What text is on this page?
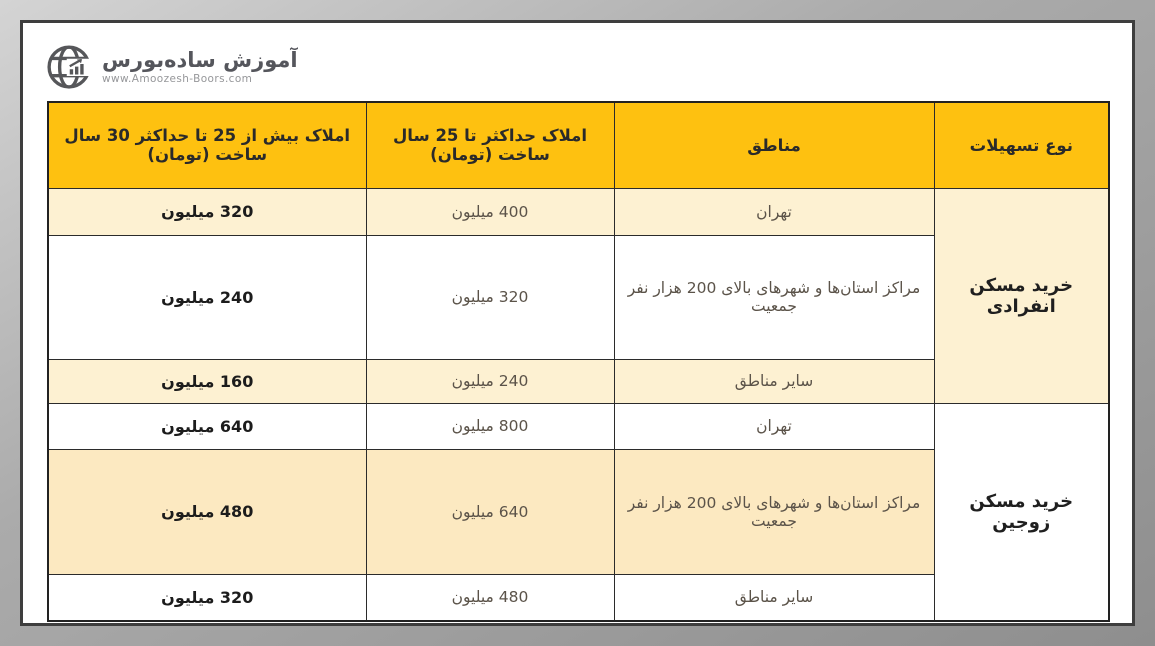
آموزش ساده‌بورس
www.Amoozesh-Boors.com
نوع تسهیلات	مناطق	املاک حداکثر تا 25 سال ساخت (تومان)	املاک بیش از 25 تا حداکثر 30 سال ساخت (تومان)
خرید مسکن انفرادی	تهران	400 میلیون	320 میلیون
	مراکز استان‌ها و شهرهای بالای 200 هزار نفر جمعیت	320 میلیون	240 میلیون
	سایر مناطق	240 میلیون	160 میلیون
خرید مسکن زوجین	تهران	800 میلیون	640 میلیون
	مراکز استان‌ها و شهرهای بالای 200 هزار نفر جمعیت	640 میلیون	480 میلیون
	سایر مناطق	480 میلیون	320 میلیون
